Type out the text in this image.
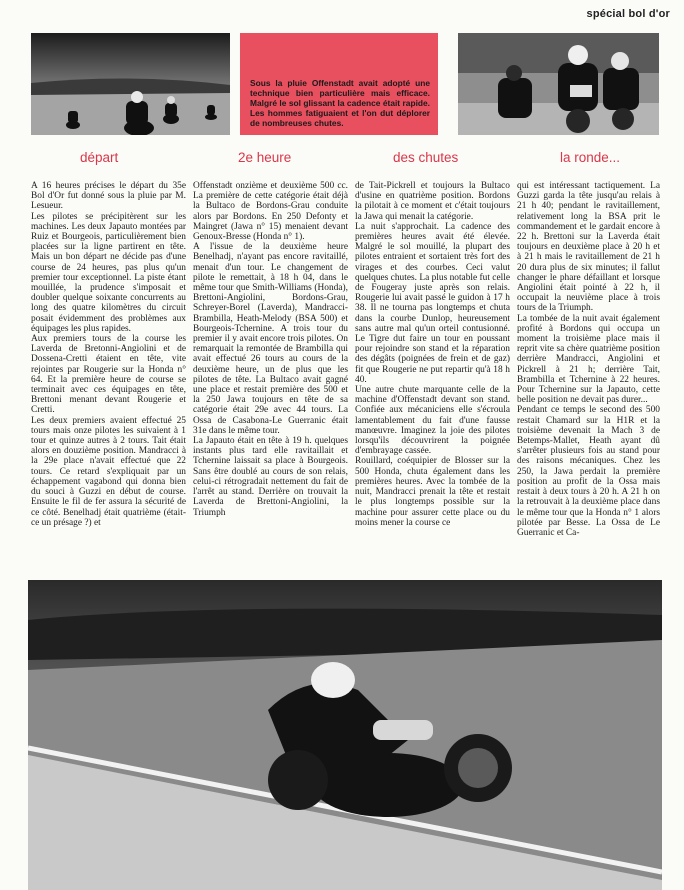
spécial bol d'or

Sous la pluie Offenstadt avait adopté une technique bien particulière mais efficace. Malgré le sol glissant la cadence était rapide. Les hommes fatiguaient et l'on dut déplorer de nombreuses chutes.

départ	2e heure	des chutes	la ronde...

A 16 heures précises le départ du 35e Bol d'Or fut donné sous la pluie par M. Lesueur.

Les pilotes se précipitèrent sur les machines. Les deux Japauto montées par Ruiz et Bourgeois, particulièrement bien placées sur la ligne partirent en tête. Mais un bon départ ne décide pas d'une course de 24 heures, pas plus qu'un premier tour exceptionnel. La piste étant mouillée, la prudence s'imposait et doubler quelque soixante concurrents au long des quatre kilomètres du circuit posait évidemment des problèmes aux équipages les plus rapides.

Aux premiers tours de la course les Laverda de Bretonni-Angiolini et de Dossena-Cretti étaient en tête, vite rejointes par Rougerie sur la Honda n° 64. Et la première heure de course se terminait avec ces équipages en tête, Brettoni menant devant Rougerie et Cretti.

Les deux premiers avaient effectué 25 tours mais onze pilotes les suivaient à 1 tour et quinze autres à 2 tours. Tait était alors en douzième position. Mandracci à la 29e place n'avait effectué que 22 tours. Ce retard s'expliquait par un échappement vagabond qui donna bien du souci à Guzzi en début de course. Ensuite le fil de fer assura la sécurité de ce côté. Benelhadj était quatrième (était-ce un présage ?) et

Offenstadt onzième et deuxième 500 cc. La première de cette catégorie était déjà la Bultaco de Bordons-Grau conduite alors par Bordons. En 250 Defonty et Maingret (Jawa n° 15) menaient devant Genoux-Bresse (Honda n° 1).

A l'issue de la deuxième heure Benelhadj, n'ayant pas encore ravitaillé, menait d'un tour. Le changement de pilote le remettait, à 18 h 04, dans le même tour que Smith-Williams (Honda), Brettoni-Angiolini, Bordons-Grau, Schreyer-Borel (Laverda), Mandracci-Brambilla, Heath-Melody (BSA 500) et Bourgeois-Tchernine. A trois tour du premier il y avait encore trois pilotes. On remarquait la remontée de Brambilla qui avait effectué 26 tours au cours de la deuxième heure, un de plus que les pilotes de tête. La Bultaco avait gagné une place et restait première des 500 et la 250 Jawa toujours en tête de sa catégorie était 29e avec 44 tours. La Ossa de Casabona-Le Guerranic était 31e dans le même tour.

La Japauto était en tête à 19 h. quelques instants plus tard elle ravitaillait et Tchernine laissait sa place à Bourgeois. Sans être doublé au cours de son relais, celui-ci rétrogradait nettement du fait de l'arrêt au stand. Derrière on trouvait la Laverda de Brettoni-Angiolini, la Triumph

de Tait-Pickrell et toujours la Bultaco d'usine en quatrième position. Bordons la pilotait à ce moment et c'était toujours la Jawa qui menait la catégorie.

La nuit s'approchait. La cadence des premières heures avait été élevée. Malgré le sol mouillé, la plupart des pilotes entraient et sortaient très fort des virages et des courbes. Ceci valut quelques chutes. La plus notable fut celle de Fougeray juste après son relais. Rougerie lui avait passé le guidon à 17 h 38. Il ne tourna pas longtemps et chuta dans la courbe Dunlop, heureusement sans autre mal qu'un orteil contusionné. Le Tigre dut faire un tour en poussant pour rejoindre son stand et la réparation des dégâts (poignées de frein et de gaz) fit que Rougerie ne put repartir qu'à 18 h 40.

Une autre chute marquante celle de la machine d'Offenstadt devant son stand. Confiée aux mécaniciens elle s'écroula lamentablement du fait d'une fausse manœuvre. Imaginez la joie des pilotes lorsqu'ils découvrirent la poignée d'embrayage cassée.

Rouillard, coéquipier de Blosser sur la 500 Honda, chuta également dans les premières heures. Avec la tombée de la nuit, Mandracci prenait la tête et restait le plus longtemps possible sur la machine pour assurer cette place ou du moins mener la course ce

qui est intéressant tactiquement. La Guzzi garda la tête jusqu'au relais à 21 h 40; pendant le ravitaillement, relativement long la BSA prit le commandement et le gardait encore à 22 h. Brettoni sur la Laverda était toujours en deuxième place à 20 h et à 21 h mais le ravitaillement de 21 h 20 dura plus de six minutes; il fallut changer le phare défaillant et lorsque Angiolini était pointé à 22 h, il occupait la neuvième place à trois tours de la Triumph.

La tombée de la nuit avait également profité à Bordons qui occupa un moment la troisième place mais il reprit vite sa chère quatrième position derrière Mandracci, Angiolini et Pickrell à 21 h; derrière Tait, Brambilla et Tchernine à 22 heures. Pour Tchernine sur la Japauto, cette belle position ne devait pas durer...

Pendant ce temps le second des 500 restait Chamard sur la H1R et la troisième devenait la Mach 3 de Betemps-Mallet, Heath ayant dû s'arrêter plusieurs fois au stand pour des raisons mécaniques. Chez les 250, la Jawa perdait la première position au profit de la Ossa mais restait à deux tours à 20 h. A 21 h on la retrouvait à la deuxième place dans le même tour que la Honda n° 1 alors pilotée par Besse. La Ossa de Le Guerranic et Ca-
